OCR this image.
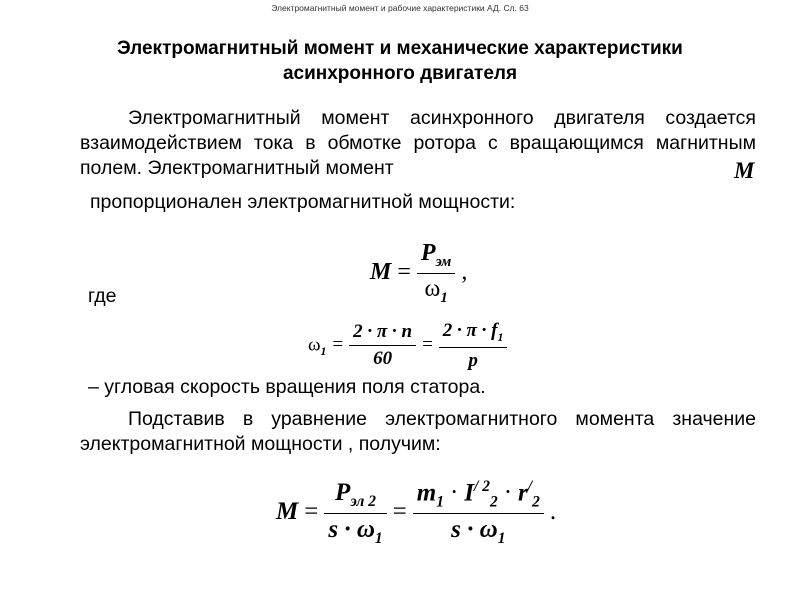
Электромагнитный момент и рабочие характеристики АД. Сл. 63
Электромагнитный момент и механические характеристики
асинхронного двигателя
Электромагнитный момент асинхронного двигателя создается взаимодействием тока в обмотке ротора с вращающимся магнитным полем. Электромагнитный момент	M
пропорционален электромагнитной мощности:
$M = \frac{P_{эм}}{\omega_1}$ ,
где
$\omega_1 = \frac{2 \cdot \pi \cdot n}{60} = \frac{2 \cdot \pi \cdot f_1}{p}$
– угловая скорость вращения поля статора.
Подставив в уравнение электромагнитного момента значение электромагнитной мощности , получим:
$M = \frac{P_{эл 2}}{s \cdot \omega_1} = \frac{m_1 \cdot I^{/ 2}_2 \cdot r^/_2}{s \cdot \omega_1}$ .
